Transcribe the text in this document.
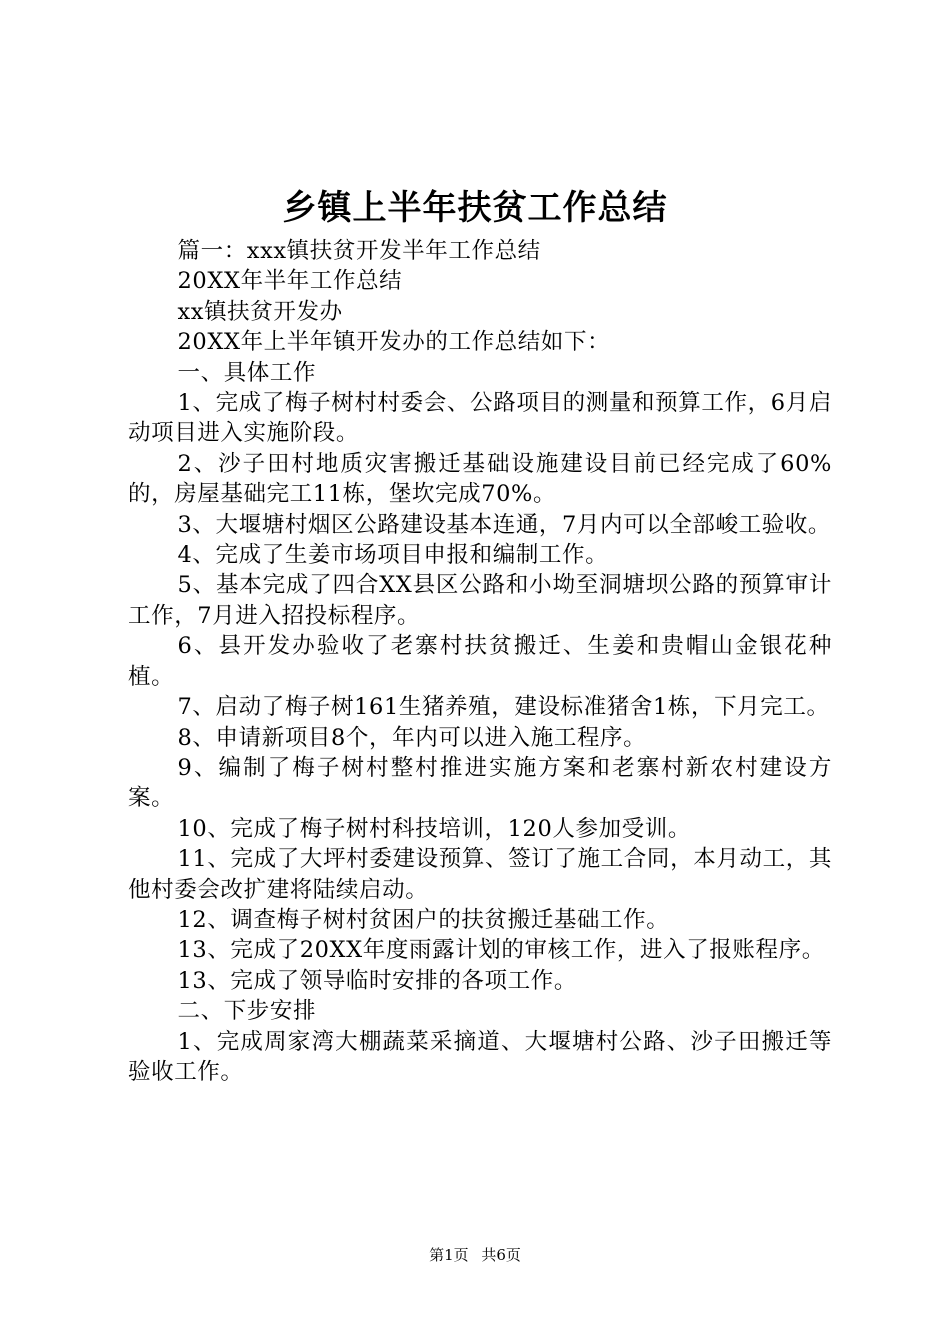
乡镇上半年扶贫工作总结

篇一：xxx镇扶贫开发半年工作总结

20XX年半年工作总结

xx镇扶贫开发办

20XX年上半年镇开发办的工作总结如下：

一、具体工作

1、完成了梅子树村村委会、公路项目的测量和预算工作，6月启动项目进入实施阶段。

2、沙子田村地质灾害搬迁基础设施建设目前已经完成了60%的，房屋基础完工11栋，堡坎完成70%。

3、大堰塘村烟区公路建设基本连通，7月内可以全部峻工验收。

4、完成了生姜市场项目申报和编制工作。

5、基本完成了四合XX县区公路和小坳至洞塘坝公路的预算审计工作，7月进入招投标程序。

6、县开发办验收了老寨村扶贫搬迁、生姜和贵帽山金银花种植。

7、启动了梅子树161生猪养殖，建设标准猪舍1栋，下月完工。

8、申请新项目8个，年内可以进入施工程序。

9、编制了梅子树村整村推进实施方案和老寨村新农村建设方案。

10、完成了梅子树村科技培训，120人参加受训。

11、完成了大坪村委建设预算、签订了施工合同，本月动工，其他村委会改扩建将陆续启动。

12、调查梅子树村贫困户的扶贫搬迁基础工作。

13、完成了20XX年度雨露计划的审核工作，进入了报账程序。

13、完成了领导临时安排的各项工作。

二、下步安排

1、完成周家湾大棚蔬菜采摘道、大堰塘村公路、沙子田搬迁等验收工作。

第1页 共6页
